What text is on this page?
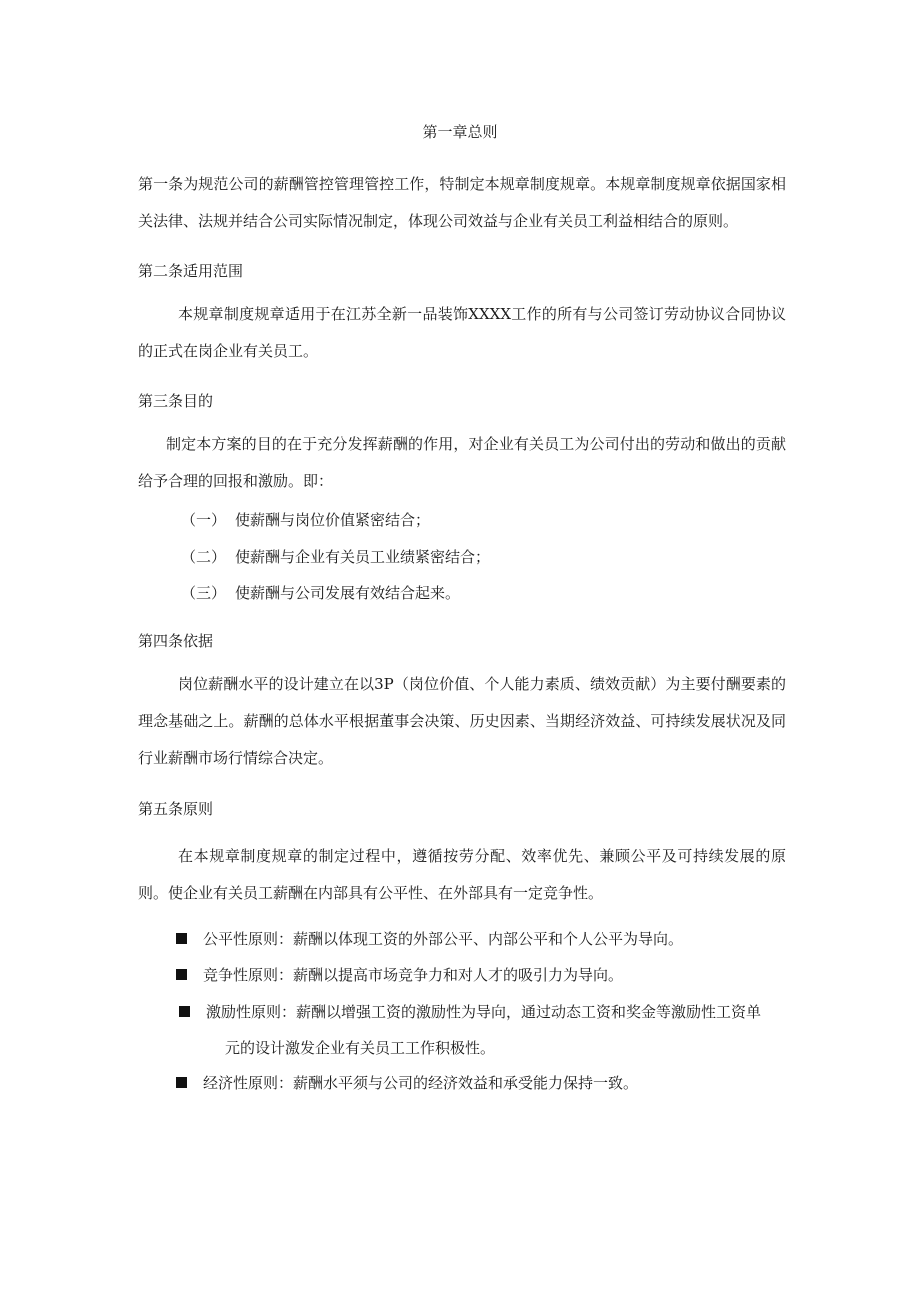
第一章总则

第一条为规范公司的薪酬管控管理管控工作，特制定本规章制度规章。本规章制度规章依据国家相关法律、法规并结合公司实际情况制定，体现公司效益与企业有关员工利益相结合的原则。

第二条适用范围

本规章制度规章适用于在江苏全新一品装饰XXXX工作的所有与公司签订劳动协议合同协议的正式在岗企业有关员工。

第三条目的

制定本方案的目的在于充分发挥薪酬的作用，对企业有关员工为公司付出的劳动和做出的贡献给予合理的回报和激励。即：

（一） 使薪酬与岗位价值紧密结合；

（二） 使薪酬与企业有关员工业绩紧密结合；

（三） 使薪酬与公司发展有效结合起来。

第四条依据

岗位薪酬水平的设计建立在以3P（岗位价值、个人能力素质、绩效贡献）为主要付酬要素的理念基础之上。薪酬的总体水平根据董事会决策、历史因素、当期经济效益、可持续发展状况及同行业薪酬市场行情综合决定。

第五条原则

在本规章制度规章的制定过程中，遵循按劳分配、效率优先、兼顾公平及可持续发展的原则。使企业有关员工薪酬在内部具有公平性、在外部具有一定竞争性。

公平性原则：薪酬以体现工资的外部公平、内部公平和个人公平为导向。
竞争性原则：薪酬以提高市场竞争力和对人才的吸引力为导向。
激励性原则：薪酬以增强工资的激励性为导向，通过动态工资和奖金等激励性工资单
元的设计激发企业有关员工工作积极性。
经济性原则：薪酬水平须与公司的经济效益和承受能力保持一致。
